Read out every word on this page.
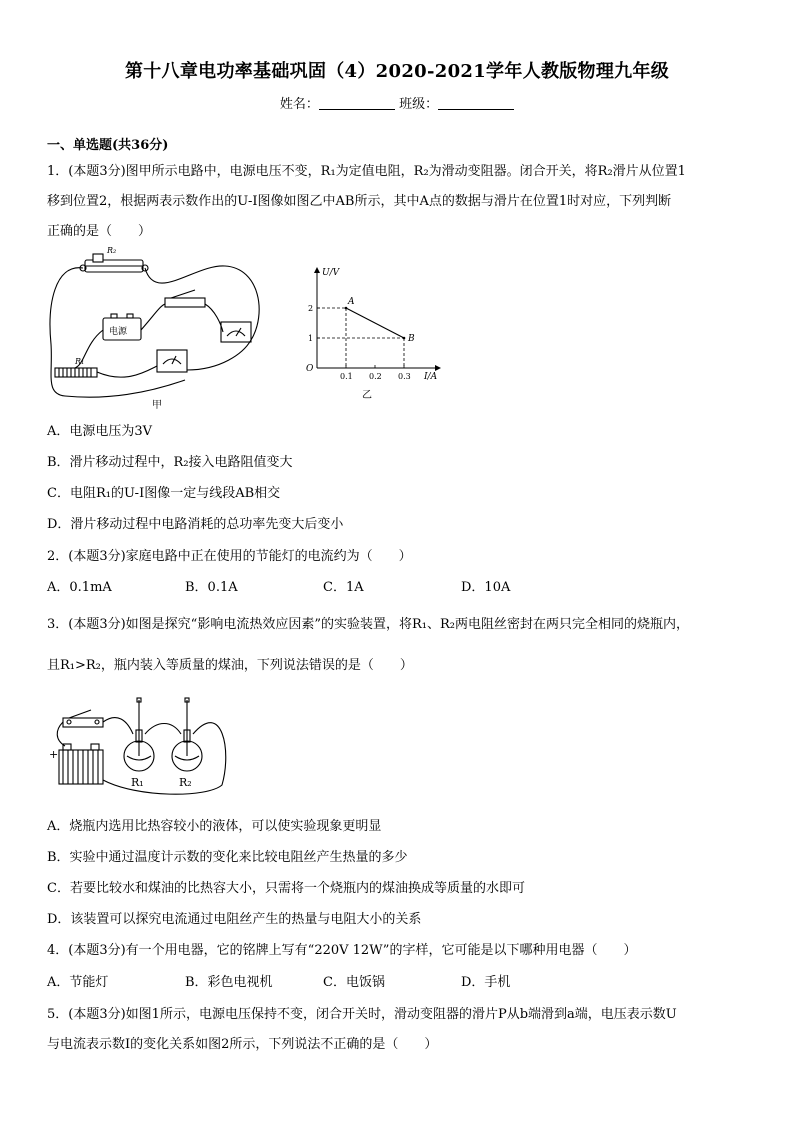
第十八章电功率基础巩固（4）2020-2021学年人教版物理九年级
姓名：	班级：
一、单选题(共36分)
1．(本题3分)图甲所示电路中，电源电压不变，R₁为定值电阻，R₂为滑动变阻器。闭合开关，将R₂滑片从位置1
移到位置2，根据两表示数作出的U-I图像如图乙中AB所示，其中A点的数据与滑片在位置1时对应，下列判断
正确的是（　　）
电源
R₂
R₁
甲
A
B
0.1 0.2 0.3
1
2
U/V
I/A
O
乙
A．电源电压为3V
B．滑片移动过程中，R₂接入电路阻值变大
C．电阻R₁的U-I图像一定与线段AB相交
D．滑片移动过程中电路消耗的总功率先变大后变小
2．(本题3分)家庭电路中正在使用的节能灯的电流约为（　　）
A．0.1mA	B．0.1A	C．1A	D．10A
3．(本题3分)如图是探究“影响电流热效应因素”的实验装置，将R₁、R₂两电阻丝密封在两只完全相同的烧瓶内，
且R₁>R₂，瓶内装入等质量的煤油，下列说法错误的是（　　）
+
R₁	R₂
A．烧瓶内选用比热容较小的液体，可以使实验现象更明显
B．实验中通过温度计示数的变化来比较电阻丝产生热量的多少
C．若要比较水和煤油的比热容大小，只需将一个烧瓶内的煤油换成等质量的水即可
D．该装置可以探究电流通过电阻丝产生的热量与电阻大小的关系
4．(本题3分)有一个用电器，它的铭牌上写有“220V 12W”的字样，它可能是以下哪种用电器（　　）
A．节能灯	B．彩色电视机	C．电饭锅	D．手机
5．(本题3分)如图1所示，电源电压保持不变，闭合开关时，滑动变阻器的滑片P从b端滑到a端，电压表示数U
与电流表示数I的变化关系如图2所示，下列说法不正确的是（　　）
